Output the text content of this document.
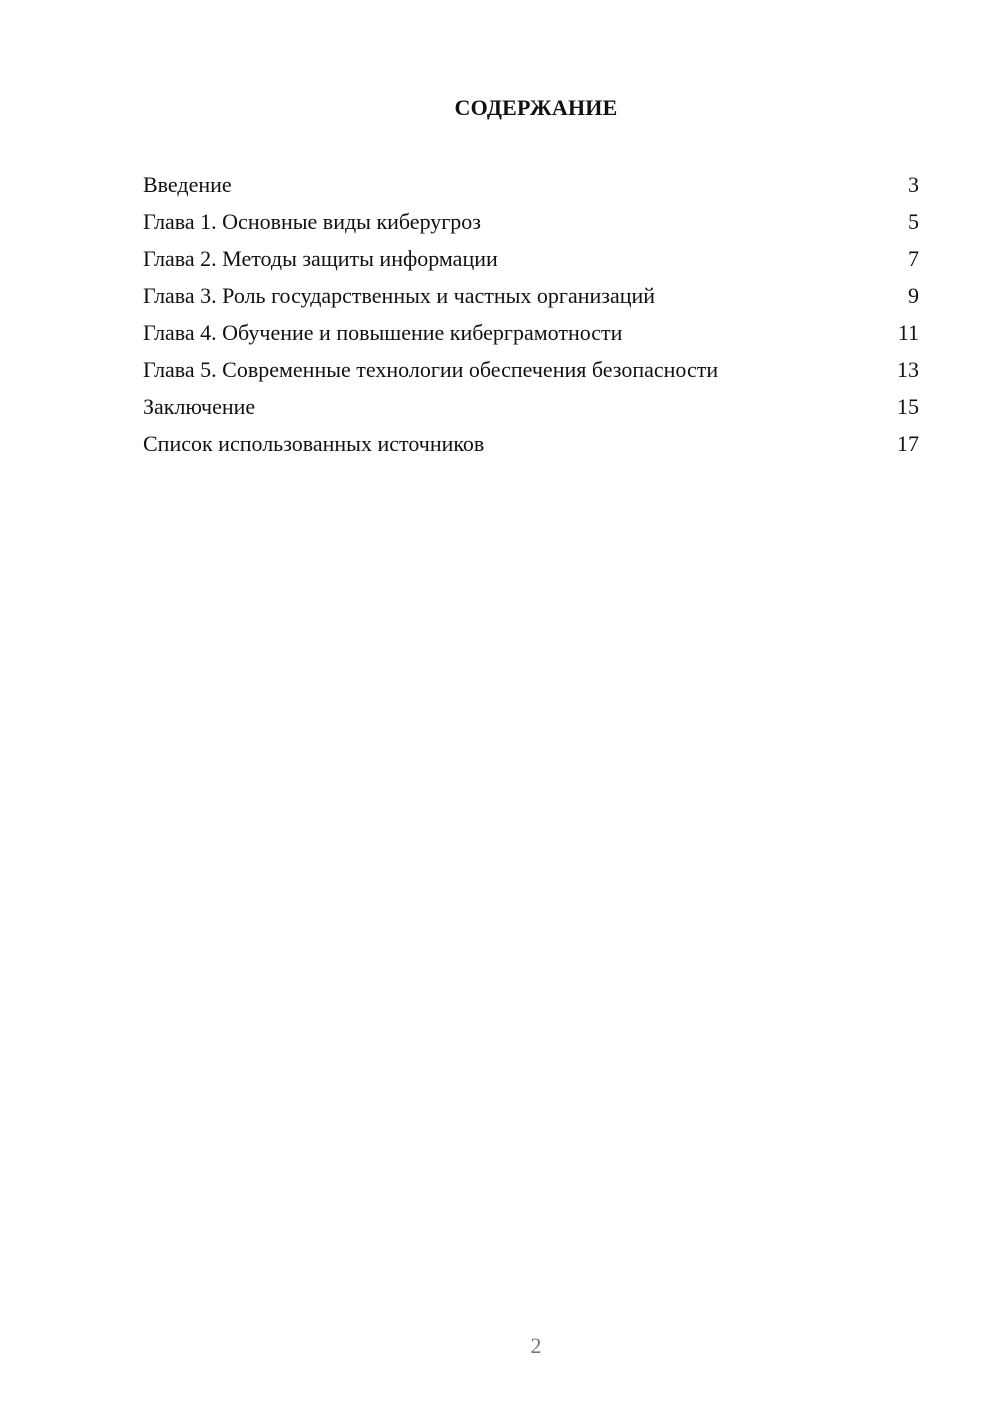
СОДЕРЖАНИЕ
Введение	3
Глава 1. Основные виды киберугроз	5
Глава 2. Методы защиты информации	7
Глава 3. Роль государственных и частных организаций	9
Глава 4. Обучение и повышение киберграмотности	11
Глава 5. Современные технологии обеспечения безопасности	13
Заключение	15
Список использованных источников	17
2
